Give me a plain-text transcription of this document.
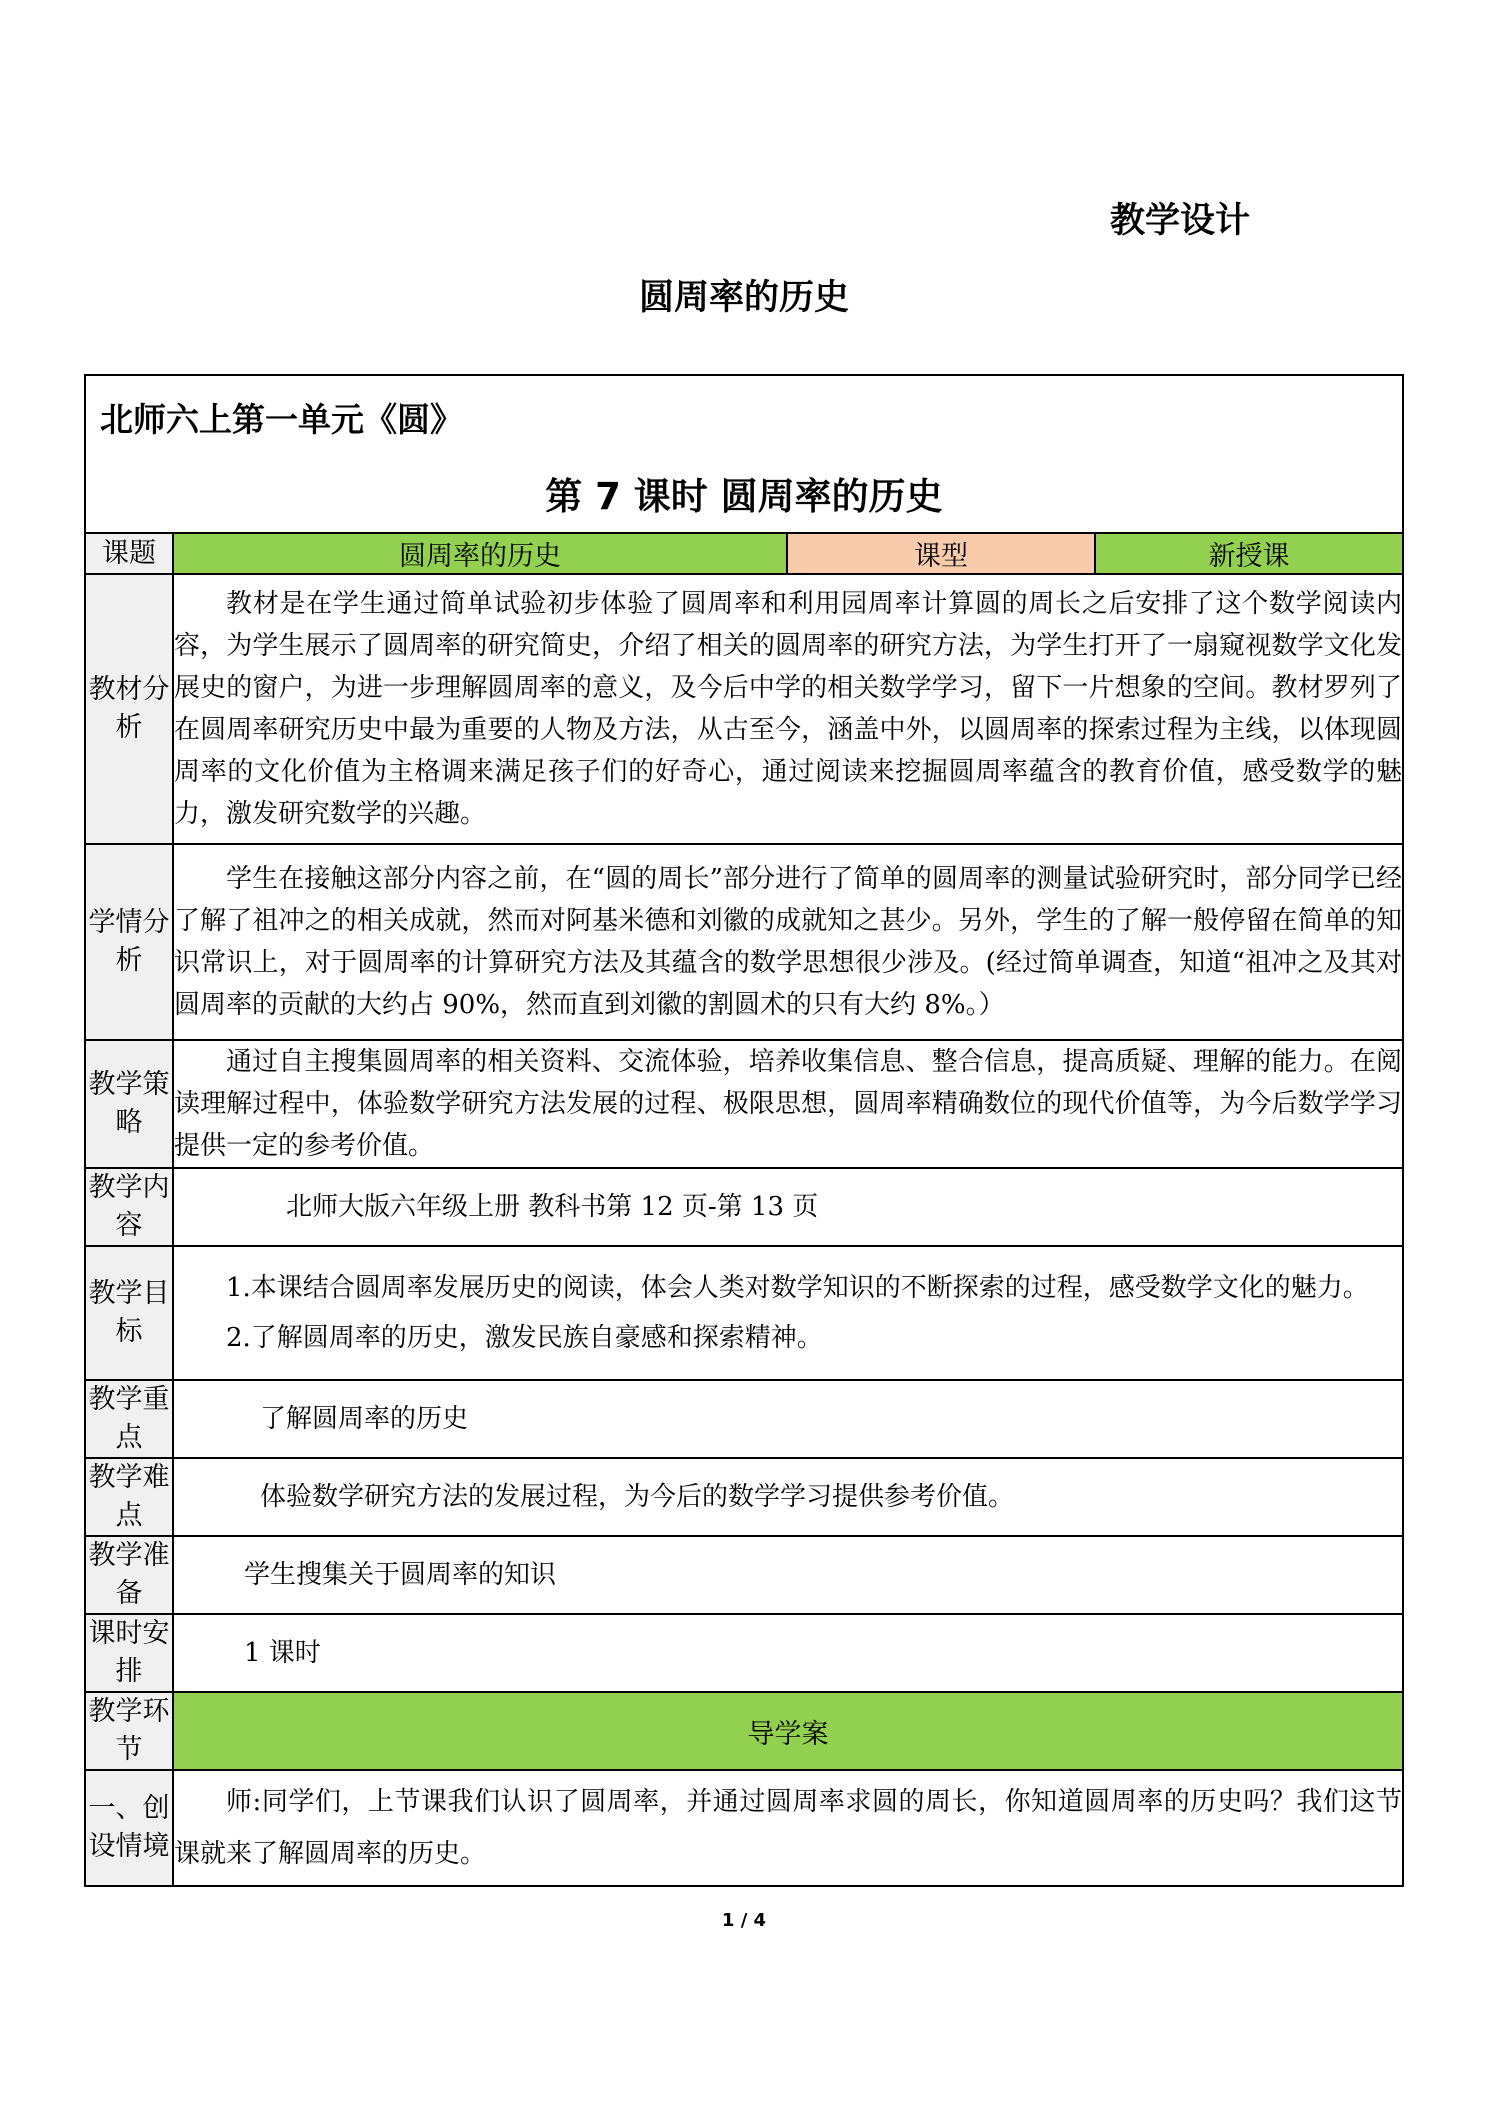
教学设计
圆周率的历史
北师六上第一单元《圆》
第 7 课时 圆周率的历史			

课题	圆周率的历史	课型	新授课
教材分析	教材是在学生通过简单试验初步体验了圆周率和利用园周率计算圆的周长之后安排了这个数学阅读内容，为学生展示了圆周率的研究简史，介绍了相关的圆周率的研究方法，为学生打开了一扇窥视数学文化发展史的窗户，为进一步理解圆周率的意义，及今后中学的相关数学学习，留下一片想象的空间。教材罗列了在圆周率研究历史中最为重要的人物及方法，从古至今，涵盖中外，以圆周率的探索过程为主线，以体现圆周率的文化价值为主格调来满足孩子们的好奇心，通过阅读来挖掘圆周率蕴含的教育价值，感受数学的魅力，激发研究数学的兴趣。		
学情分析	学生在接触这部分内容之前，在“圆的周长”部分进行了简单的圆周率的测量试验研究时，部分同学已经了解了祖冲之的相关成就，然而对阿基米德和刘徽的成就知之甚少。另外，学生的了解一般停留在简单的知识常识上，对于圆周率的计算研究方法及其蕴含的数学思想很少涉及。(经过简单调查，知道“祖冲之及其对圆周率的贡献的大约占 90%，然而直到刘徽的割圆术的只有大约 8%。）		
教学策略	通过自主搜集圆周率的相关资料、交流体验，培养收集信息、整合信息，提高质疑、理解的能力。在阅读理解过程中，体验数学研究方法发展的过程、极限思想，圆周率精确数位的现代价值等，为今后数学学习提供一定的参考价值。		
教学内容	北师大版六年级上册 教科书第 12 页-第 13 页		
教学目标	1.本课结合圆周率发展历史的阅读，体会人类对数学知识的不断探索的过程，感受数学文化的魅力。

2.了解圆周率的历史，激发民族自豪感和探索精神。		

教学重点	了解圆周率的历史		
教学难点	体验数学研究方法的发展过程，为今后的数学学习提供参考价值。		
教学准备	学生搜集关于圆周率的知识		
课时安排	1 课时		
教学环节	导学案		
一、创设情境	师:同学们，上节课我们认识了圆周率，并通过圆周率求圆的周长，你知道圆周率的历史吗？我们这节课就来了解圆周率的历史。		
1 / 4
